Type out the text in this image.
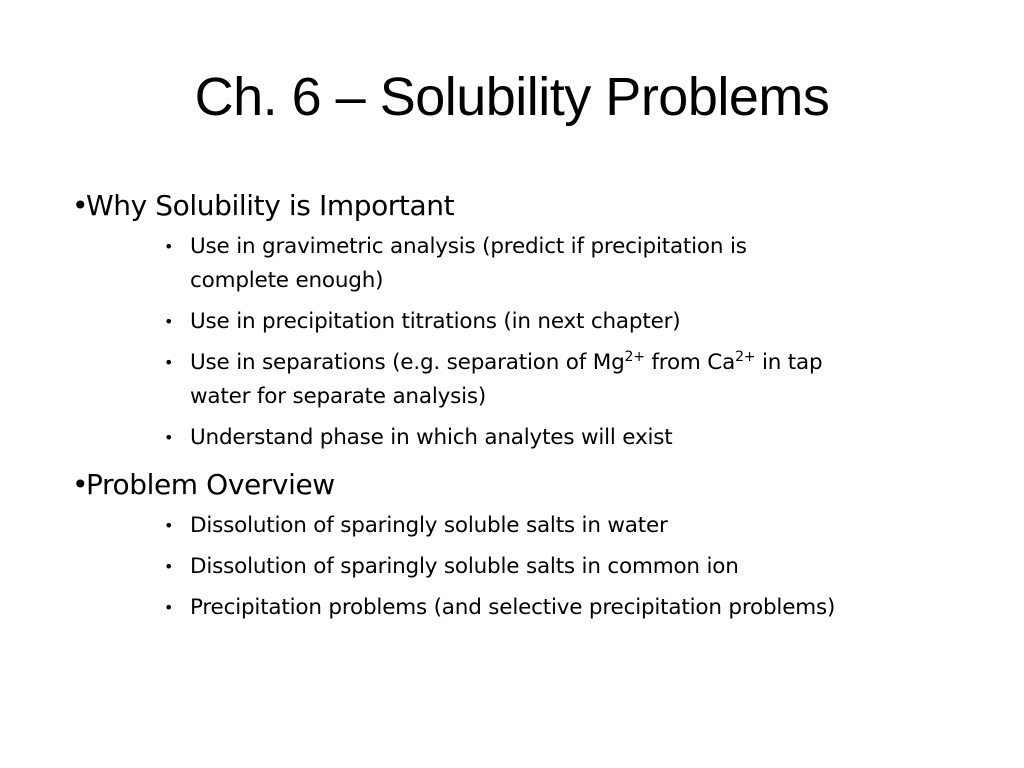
Ch. 6 – Solubility Problems
•Why Solubility is Important
• Use in gravimetric analysis (predict if precipitation is complete enough)
• Use in precipitation titrations (in next chapter)
• Use in separations (e.g. separation of $Mg^{2+}$ from $Ca^{2+}$ in tap water for separate analysis)
• Understand phase in which analytes will exist
•Problem Overview
• Dissolution of sparingly soluble salts in water
• Dissolution of sparingly soluble salts in common ion
• Precipitation problems (and selective precipitation problems)
